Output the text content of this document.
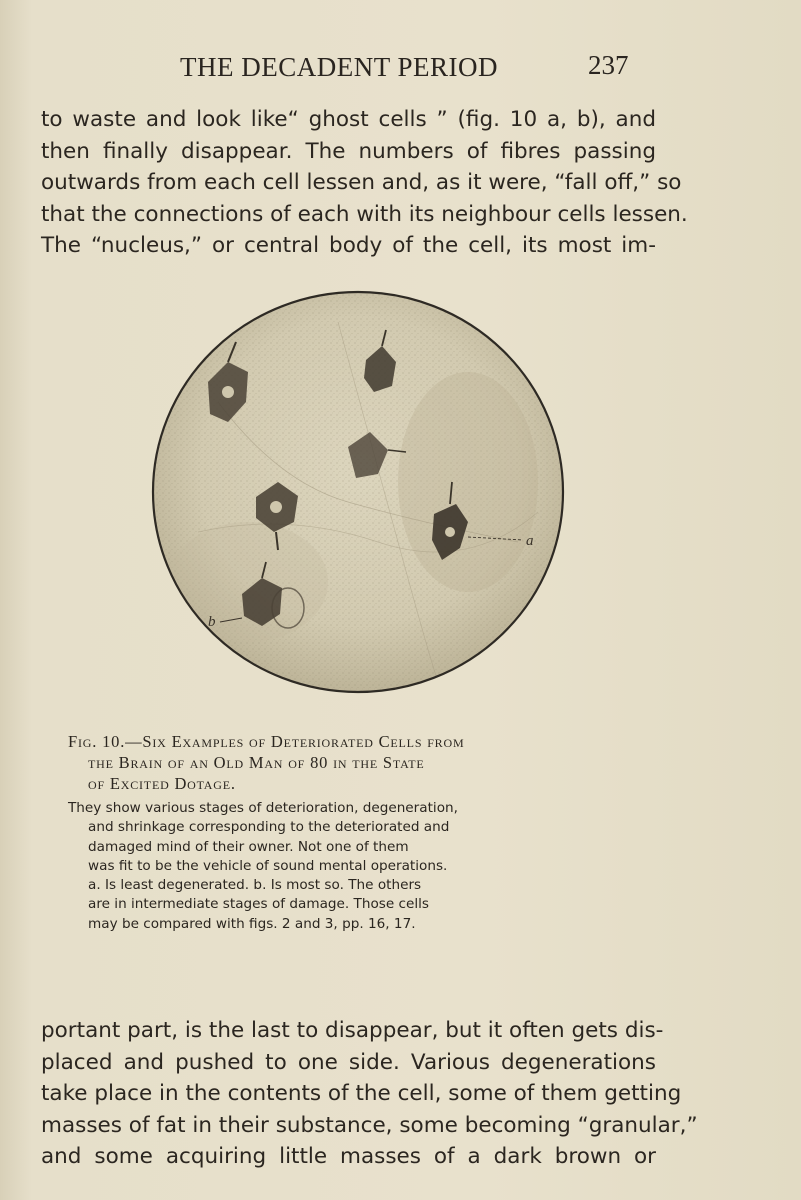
THE DECADENT PERIOD	237
to waste and look like“ ghost cells ” (fig. 10 a, b), and
then finally disappear. The numbers of fibres passing
outwards from each cell lessen and, as it were, “fall off,” so
that the connections of each with its neighbour cells lessen.
The “nucleus,” or central body of the cell, its most im-
a
b
Fig. 10.—Six Examples of Deteriorated Cells from
the Brain of an Old Man of 80 in the State
of Excited Dotage.
They show various stages of deterioration, degeneration,
and shrinkage corresponding to the deteriorated and
damaged mind of their owner. Not one of them
was fit to be the vehicle of sound mental operations.
a. Is least degenerated. b. Is most so. The others
are in intermediate stages of damage. Those cells
may be compared with figs. 2 and 3, pp. 16, 17.
portant part, is the last to disappear, but it often gets dis-
placed and pushed to one side. Various degenerations
take place in the contents of the cell, some of them getting
masses of fat in their substance, some becoming “granular,”
and some acquiring little masses of a dark brown or
